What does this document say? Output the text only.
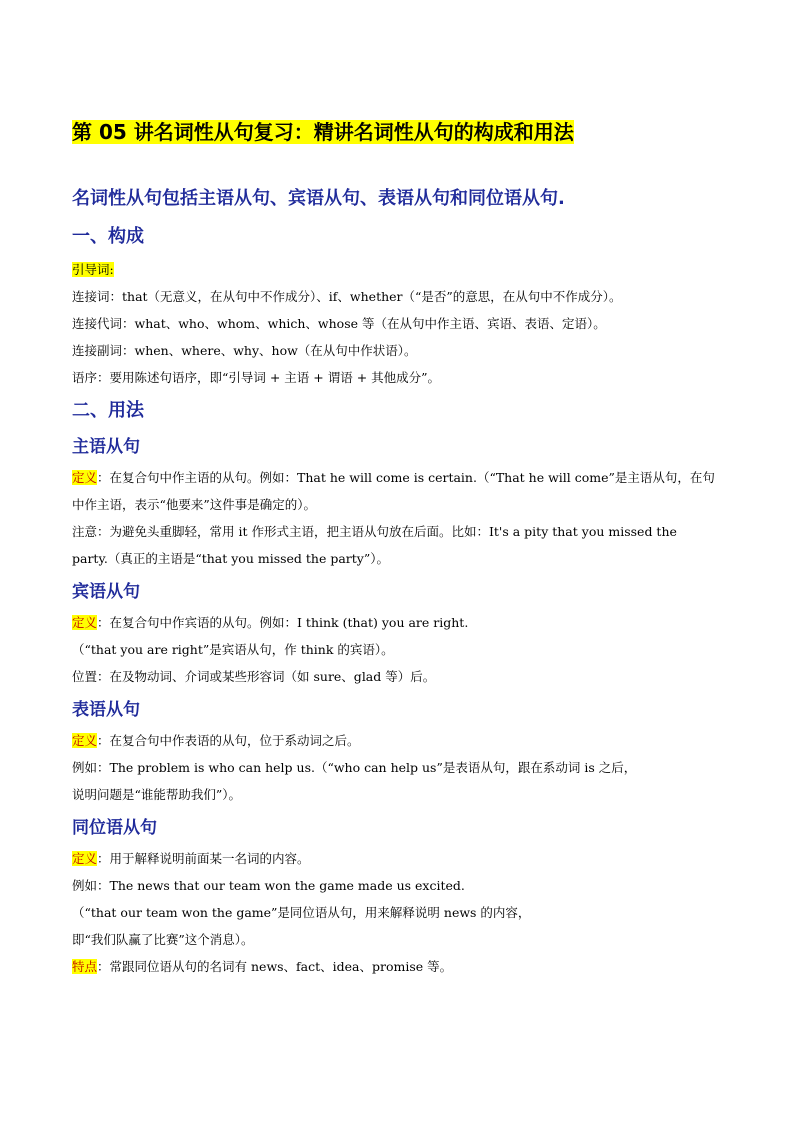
第 05 讲名词性从句复习：精讲名词性从句的构成和用法
名词性从句包括主语从句、宾语从句、表语从句和同位语从句.
一、构成
引导词:
连接词：that（无意义，在从句中不作成分）、if、whether（“是否”的意思，在从句中不作成分）。
连接代词：what、who、whom、which、whose 等（在从句中作主语、宾语、表语、定语）。
连接副词：when、where、why、how（在从句中作状语）。
语序：要用陈述句语序，即“引导词 + 主语 + 谓语 + 其他成分”。
二、用法
主语从句
定义：在复合句中作主语的从句。例如：That he will come is certain.（“That he will come”是主语从句，在句
中作主语，表示“他要来”这件事是确定的）。
注意：为避免头重脚轻，常用 it 作形式主语，把主语从句放在后面。比如：It's a pity that you missed the
party.（真正的主语是“that you missed the party”）。
宾语从句
定义：在复合句中作宾语的从句。例如：I think (that) you are right.
（“that you are right”是宾语从句，作 think 的宾语）。
位置：在及物动词、介词或某些形容词（如 sure、glad 等）后。
表语从句
定义：在复合句中作表语的从句，位于系动词之后。
例如：The problem is who can help us.（“who can help us”是表语从句，跟在系动词 is 之后，
说明问题是“谁能帮助我们”）。
同位语从句
定义：用于解释说明前面某一名词的内容。
例如：The news that our team won the game made us excited.
（“that our team won the game”是同位语从句，用来解释说明 news 的内容，
即“我们队赢了比赛”这个消息）。
特点：常跟同位语从句的名词有 news、fact、idea、promise 等。
